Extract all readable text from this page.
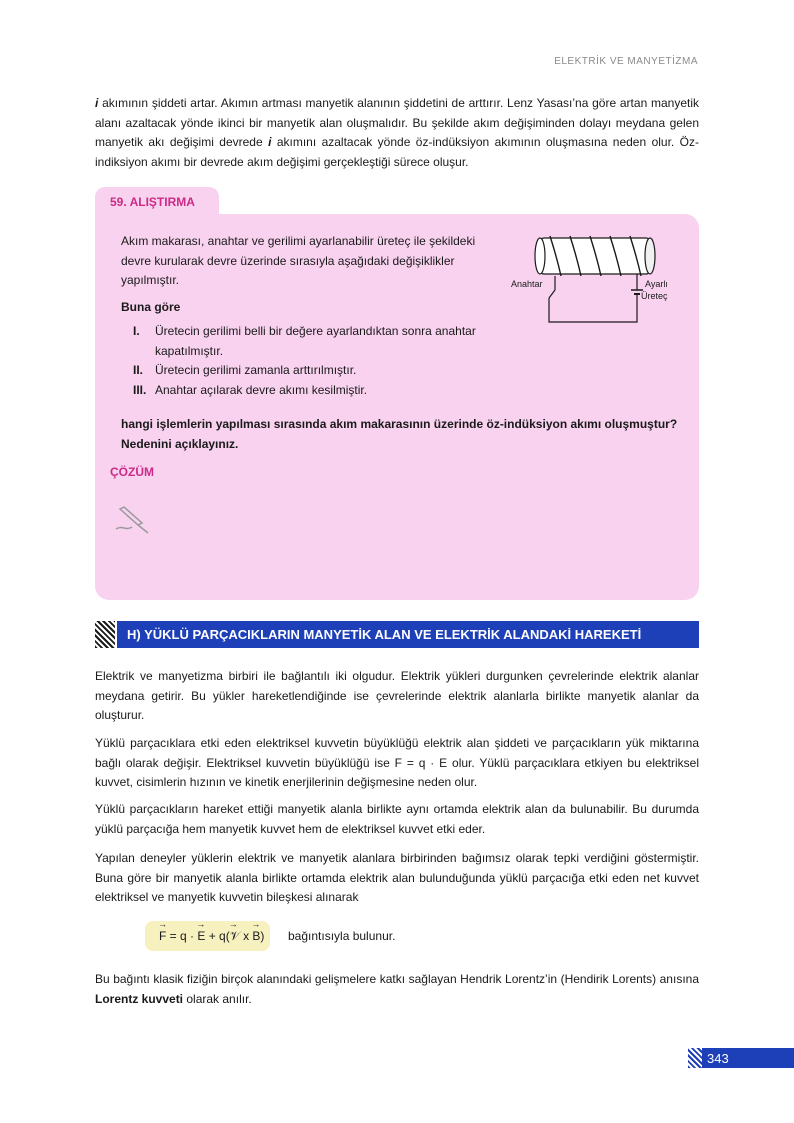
ELEKTRİK VE MANYETİZMA

i akımının şiddeti artar. Akımın artması manyetik alanının şiddetini de arttırır. Lenz Yasası’na göre artan manyetik alanı azaltacak yönde ikinci bir manyetik alan oluşmalıdır. Bu şekilde akım değişiminden dolayı meydana gelen manyetik akı değişimi devrede i akımını azaltacak yönde öz-indüksiyon akımının oluşmasına neden olur. Öz-indiksiyon akımı bir devrede akım değişimi gerçekleştiği sürece oluşur.

59. ALIŞTIRMA

Akım makarası, anahtar ve gerilimi ayarlanabilir üreteç ile şekildeki devre kurularak devre üzerinde sırasıyla aşağıdaki değişiklikler yapılmıştır.

Buna göre
I.	Üretecin gerilimi belli bir değere ayarlandıktan sonra anahtar kapatılmıştır.
II. Üretecin gerilimi zamanla arttırılmıştır.
III. Anahtar açılarak devre akımı kesilmiştir.
hangi işlemlerin yapılması sırasında akım makarasının üzerinde öz-indüksiyon akımı oluşmuştur? Nedenini açıklayınız.
ÇÖZÜM
Anahtar	Ayarlı
Üreteç
H) YÜKLÜ PARÇACIKLARIN MANYETİK ALAN VE ELEKTRİK ALANDAKİ HAREKETİ

Elektrik ve manyetizma birbiri ile bağlantılı iki olgudur. Elektrik yükleri durgunken çevrelerinde elektrik alanlar meydana getirir. Bu yükler hareketlendiğinde ise çevrelerinde elektrik alanlarla birlikte manyetik alanlar da oluşturur.

Yüklü parçacıklara etki eden elektriksel kuvvetin büyüklüğü elektrik alan şiddeti ve parçacıkların yük miktarına bağlı olarak değişir. Elektriksel kuvvetin büyüklüğü ise F = q · E olur. Yüklü parçacıklara etkiyen bu elektriksel kuvvet, cisimlerin hızının ve kinetik enerjilerinin değişmesine neden olur.

Yüklü parçacıkların hareket ettiği manyetik alanla birlikte aynı ortamda elektrik alan da bulunabilir. Bu durumda yüklü parçacığa hem manyetik kuvvet hem de elektriksel kuvvet etki eder.

Yapılan deneyler yüklerin elektrik ve manyetik alanlara birbirinden bağımsız olarak tepki verdiğini göstermiştir. Buna göre bir manyetik alanla birlikte ortamda elektrik alan bulunduğunda yüklü parçacığa etki eden net kuvvet elektriksel ve manyetik kuvvetin bileşkesi alınarak

→ F = q · → E + q(→ 𝒱 x → B) bağıntısıyla bulunur.

Bu bağıntı klasik fiziğin birçok alanındaki gelişmelere katkı sağlayan Hendrik Lorentz’in (Hendirik Lorents) anısına Lorentz kuvveti olarak anılır.

343
